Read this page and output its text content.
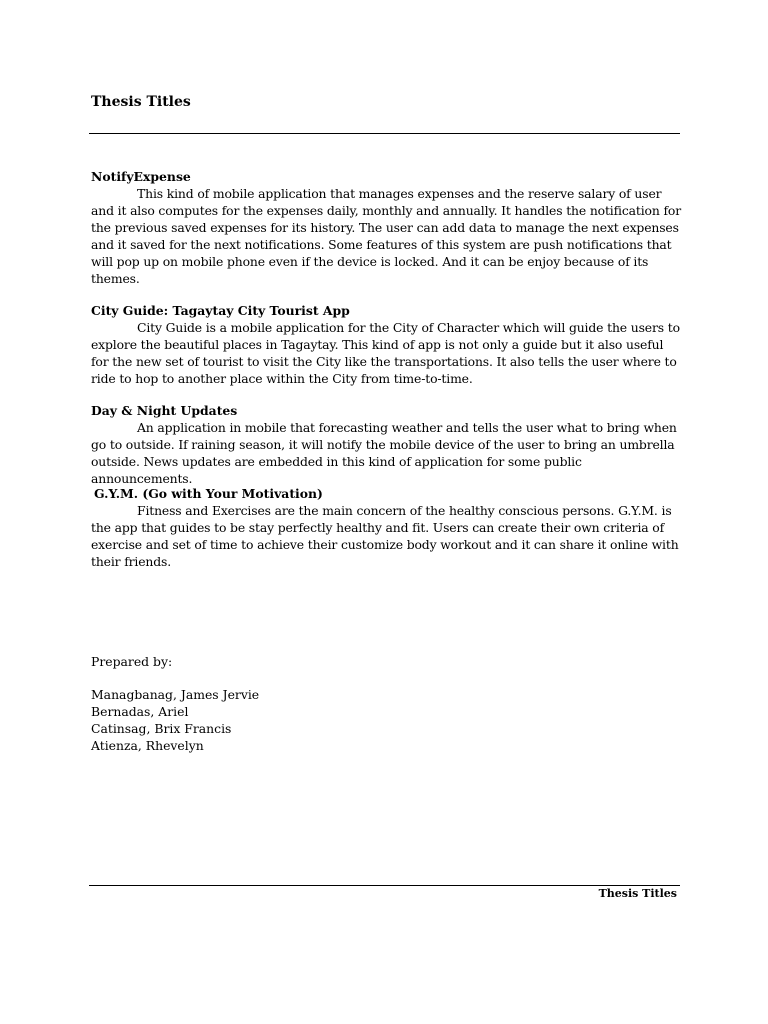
Thesis Titles

NotifyExpense

This kind of mobile application that manages expenses and the reserve salary of user and it also computes for the expenses daily, monthly and annually. It handles the notification for the previous saved expenses for its history. The user can add data to manage the next expenses and it saved for the next notifications. Some features of this system are push notifications that will pop up on mobile phone even if the device is locked. And it can be enjoy because of its themes.

City Guide: Tagaytay City Tourist App

City Guide is a mobile application for the City of Character which will guide the users to explore the beautiful places in Tagaytay. This kind of app is not only a guide but it also useful for the new set of tourist to visit the City like the transportations. It also tells the user where to ride to hop to another place within the City from time-to-time.

Day & Night Updates

An application in mobile that forecasting weather and tells the user what to bring when go to outside. If raining season, it will notify the mobile device of the user to bring an umbrella outside. News updates are embedded in this kind of application for some public announcements.

G.Y.M. (Go with Your Motivation)

Fitness and Exercises are the main concern of the healthy conscious persons. G.Y.M. is the app that guides to be stay perfectly healthy and fit. Users can create their own criteria of exercise and set of time to achieve their customize body workout and it can share it online with their friends.

Prepared by:

Managbanag, James Jervie

Bernadas, Ariel

Catinsag, Brix Francis

Atienza, Rhevelyn

Thesis Titles
